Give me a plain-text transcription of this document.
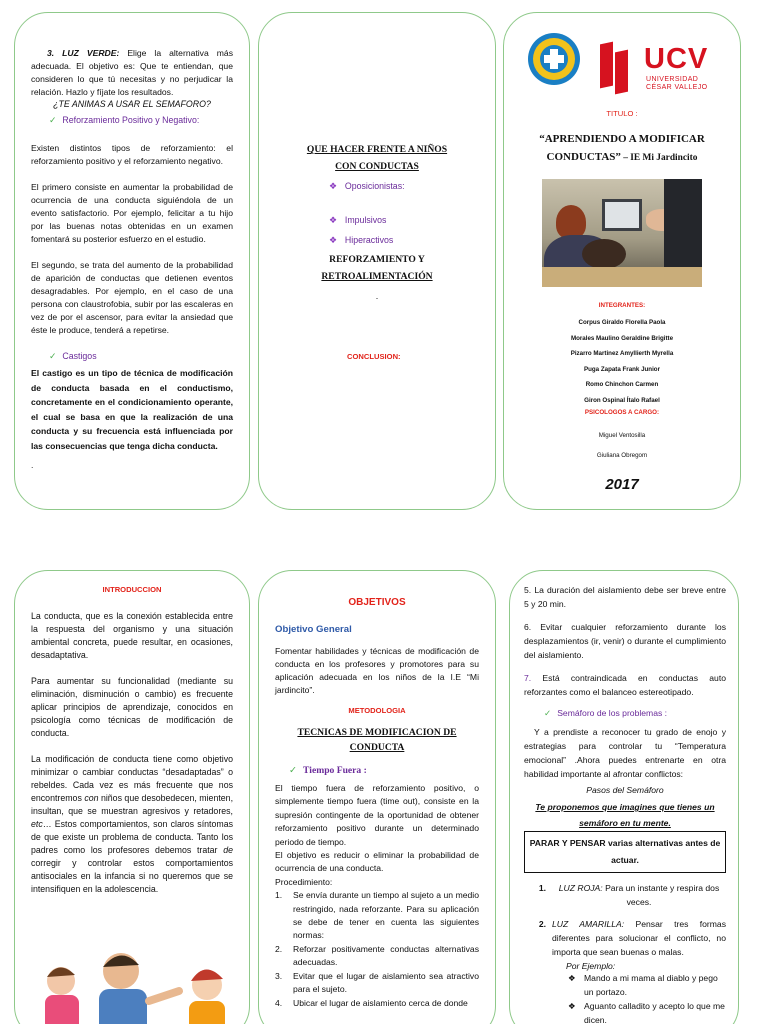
3. LUZ VERDE: Elige la alternativa más adecuada. El objetivo es: Que te entiendan, que consideren lo que tú necesitas y no perjudicar la relación. Hazlo y fíjate los resultados.

¿TE ANIMAS A USAR EL SEMAFORO?
✓ Reforzamiento Positivo y Negativo:

Existen distintos tipos de reforzamiento: el reforzamiento positivo y el reforzamiento negativo.

El primero consiste en aumentar la probabilidad de ocurrencia de una conducta siguiéndola de un evento satisfactorio. Por ejemplo, felicitar a tu hijo por las buenas notas obtenidas en un examen fomentará su posterior esfuerzo en el estudio.

El segundo, se trata del aumento de la probabilidad de aparición de conductas que detienen eventos desagradables. Por ejemplo, en el caso de una persona con claustrofobia, subir por las escaleras en vez de por el ascensor, para evitar la ansiedad que éste le produce, tenderá a repetirse.

✓ Castigos

El castigo es un tipo de técnica de modificación de conducta basada en el conductismo, concretamente en el condicionamiento operante, el cual se basa en que la realización de una conducta y su frecuencia está influenciada por las consecuencias que tenga dicha conducta.

.

QUE HACER FRENTE A NIÑOS
CON CONDUCTAS
❖ Oposicionistas:
❖ Impulsivos
❖ Hiperactivos
REFORZAMIENTO Y
RETROALIMENTACIÓN
.
CONCLUSION:
UCV
UNIVERSIDAD
CÉSAR VALLEJO
TITULO :
“APRENDIENDO A MODIFICAR
CONDUCTAS” – IE Mi Jardincito
INTEGRANTES:
Corpus Giraldo Florella Paola
Morales Maulino Geraldine Brigitte
Pizarro Martinez Amyllierth Myrella
Puga Zapata Frank Junior
Romo Chinchon Carmen
Giron Ospinal Ítalo Rafael
PSICOLOGOS A CARGO:
Miguel Ventosilla
Giuliana Obregom
2017
INTRODUCCION

La conducta, que es la conexión establecida entre la respuesta del organismo y una situación ambiental concreta, puede resultar, en ocasiones, desadaptativa.

Para aumentar su funcionalidad (mediante su eliminación, disminución o cambio) es frecuente aplicar principios de aprendizaje, conocidos en psicología como técnicas de modificación de conducta.

La modificación de conducta tiene como objetivo minimizar o cambiar conductas “desadaptadas” o rebeldes. Cada vez es más frecuente que nos encontremos con niños que desobedecen, mienten, insultan, que se muestran agresivos y retadores, etc… Estos comportamientos, son claros síntomas de que existe un problema de conducta. Tanto los padres como los profesores debemos tratar de corregir y controlar estos comportamientos antisociales en la infancia si no queremos que se intensifiquen en la adolescencia.

OBJETIVOS
Objetivo General

Fomentar habilidades y técnicas de modificación de conducta en los profesores y promotores para su aplicación adecuada en los niños de la I.E “Mi jardincito”.

METODOLOGIA
TECNICAS DE MODIFICACION DE
CONDUCTA
✓ Tiempo Fuera :

El tiempo fuera de reforzamiento positivo, o simplemente tiempo fuera (time out), consiste en la supresión contingente de la oportunidad de obtener reforzamiento positivo durante un determinado periodo de tiempo.

El objetivo es reducir o eliminar la probabilidad de ocurrencia de una conducta.

Procedimiento:

1.	Se envía durante un tiempo al sujeto a un medio restringido, nada reforzante. Para su aplicación se debe de tener en cuenta las siguientes normas:
2.	Reforzar positivamente conductas alternativas adecuadas.
3.	Evitar que el lugar de aislamiento sea atractivo para el sujeto.
4.	Ubicar el lugar de aislamiento cerca de donde

5. La duración del aislamiento debe ser breve entre 5 y 20 min.

6. Evitar cualquier reforzamiento durante los desplazamientos (ir, venir) o durante el cumplimiento del aislamiento.

7. Está contraindicada en conductas auto reforzantes como el balanceo estereotipado.

✓ Semáforo de los problemas :

Y a prendiste a reconocer tu grado de enojo y estrategias para controlar tu “Temperatura emocional” .Ahora puedes entrenarte en otra habilidad importante al afrontar conflictos:

Pasos del Semáforo

Te proponemos que imagines que tienes un semáforo en tu mente.

PARAR Y PENSAR varias alternativas antes de actuar.
1.	LUZ ROJA: Para un instante y respira dos veces.
2. LUZ AMARILLA: Pensar tres formas diferentes para solucionar el conflicto, no importa que sean buenas o malas.
Por Ejemplo:
❖ Mando a mi mama al diablo y pego un portazo.
❖ Aguanto calladito y acepto lo que me dicen.
